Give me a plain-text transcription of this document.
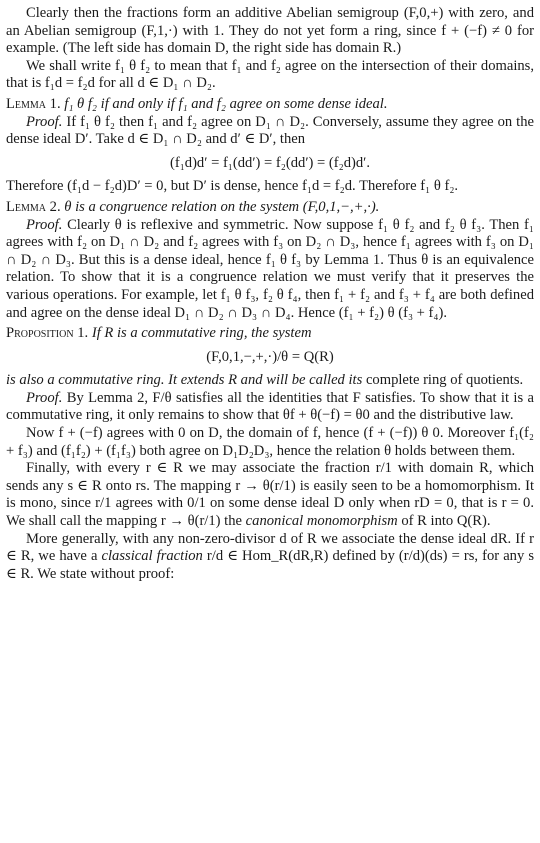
Clearly then the fractions form an additive Abelian semigroup (F,0,+) with zero, and an Abelian semigroup (F,1,·) with 1. They do not yet form a ring, since f + (−f) ≠ 0 for example. (The left side has domain D, the right side has domain R.)

We shall write f₁ θ f₂ to mean that f₁ and f₂ agree on the intersection of their domains, that is f₁d = f₂d for all d ∈ D₁ ∩ D₂.

Lemma 1. f₁ θ f₂ if and only if f₁ and f₂ agree on some dense ideal.

Proof. If f₁ θ f₂ then f₁ and f₂ agree on D₁ ∩ D₂. Conversely, assume they agree on the dense ideal D′. Take d ∈ D₁ ∩ D₂ and d′ ∈ D′, then

(f₁d)d′ = f₁(dd′) = f₂(dd′) = (f₂d)d′.

Therefore (f₁d − f₂d)D′ = 0, but D′ is dense, hence f₁d = f₂d. Therefore f₁ θ f₂.

Lemma 2. θ is a congruence relation on the system (F,0,1,−,+,·).

Proof. Clearly θ is reflexive and symmetric. Now suppose f₁ θ f₂ and f₂ θ f₃. Then f₁ agrees with f₂ on D₁ ∩ D₂ and f₂ agrees with f₃ on D₂ ∩ D₃, hence f₁ agrees with f₃ on D₁ ∩ D₂ ∩ D₃. But this is a dense ideal, hence f₁ θ f₃ by Lemma 1. Thus θ is an equivalence relation. To show that it is a congruence relation we must verify that it preserves the various operations. For example, let f₁ θ f₃, f₂ θ f₄, then f₁ + f₂ and f₃ + f₄ are both defined and agree on the dense ideal D₁ ∩ D₂ ∩ D₃ ∩ D₄. Hence (f₁ + f₂) θ (f₃ + f₄).

Proposition 1. If R is a commutative ring, the system

(F,0,1,−,+,·)/θ = Q(R)

is also a commutative ring. It extends R and will be called its complete ring of quotients.

Proof. By Lemma 2, F/θ satisfies all the identities that F satisfies. To show that it is a commutative ring, it only remains to show that θf + θ(−f) = θ0 and the distributive law.

Now f + (−f) agrees with 0 on D, the domain of f, hence (f + (−f)) θ 0. Moreover f₁(f₂ + f₃) and (f₁f₂) + (f₁f₃) both agree on D₁D₂D₃, hence the relation θ holds between them.

Finally, with every r ∈ R we may associate the fraction r/1 with domain R, which sends any s ∈ R onto rs. The mapping r → θ(r/1) is easily seen to be a homomorphism. It is mono, since r/1 agrees with 0/1 on some dense ideal D only when rD = 0, that is r = 0. We shall call the mapping r → θ(r/1) the canonical monomorphism of R into Q(R).

More generally, with any non-zero-divisor d of R we associate the dense ideal dR. If r ∈ R, we have a classical fraction r/d ∈ Hom_R(dR,R) defined by (r/d)(ds) = rs, for any s ∈ R. We state without proof:
